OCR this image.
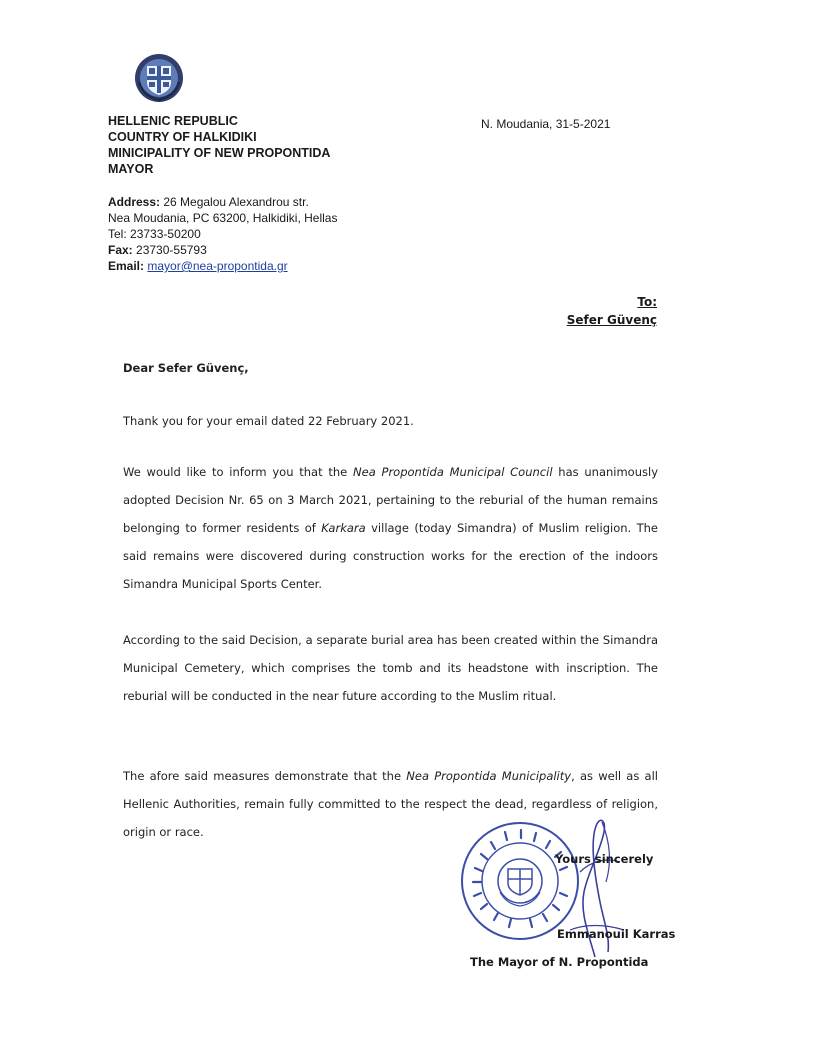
HELLENIC REPUBLIC
COUNTRY OF HALKIDIKI
MINICIPALITY OF NEW PROPONTIDA
MAYOR
N. Moudania, 31-5-2021
Address: 26 Megalou Alexandrou str.
Nea Moudania, PC 63200, Halkidiki, Hellas
Tel: 23733-50200
Fax: 23730-55793
Email: mayor@nea-propontida.gr
To:
Sefer Güvenç
Dear Sefer Güvenç,
Thank you for your email dated 22 February 2021.
We would like to inform you that the Nea Propontida Municipal Council has unanimously adopted Decision Nr. 65 on 3 March 2021, pertaining to the reburial of the human remains belonging to former residents of Karkara village (today Simandra) of Muslim religion. The said remains were discovered during construction works for the erection of the indoors Simandra Municipal Sports Center.
According to the said Decision, a separate burial area has been created within the Simandra Municipal Cemetery, which comprises the tomb and its headstone with inscription. The reburial will be conducted in the near future according to the Muslim ritual.
The afore said measures demonstrate that the Nea Propontida Municipality, as well as all Hellenic Authorities, remain fully committed to the respect the dead, regardless of religion, origin or race.
Yours sincerely
Emmanouil Karras
The Mayor of N. Propontida
